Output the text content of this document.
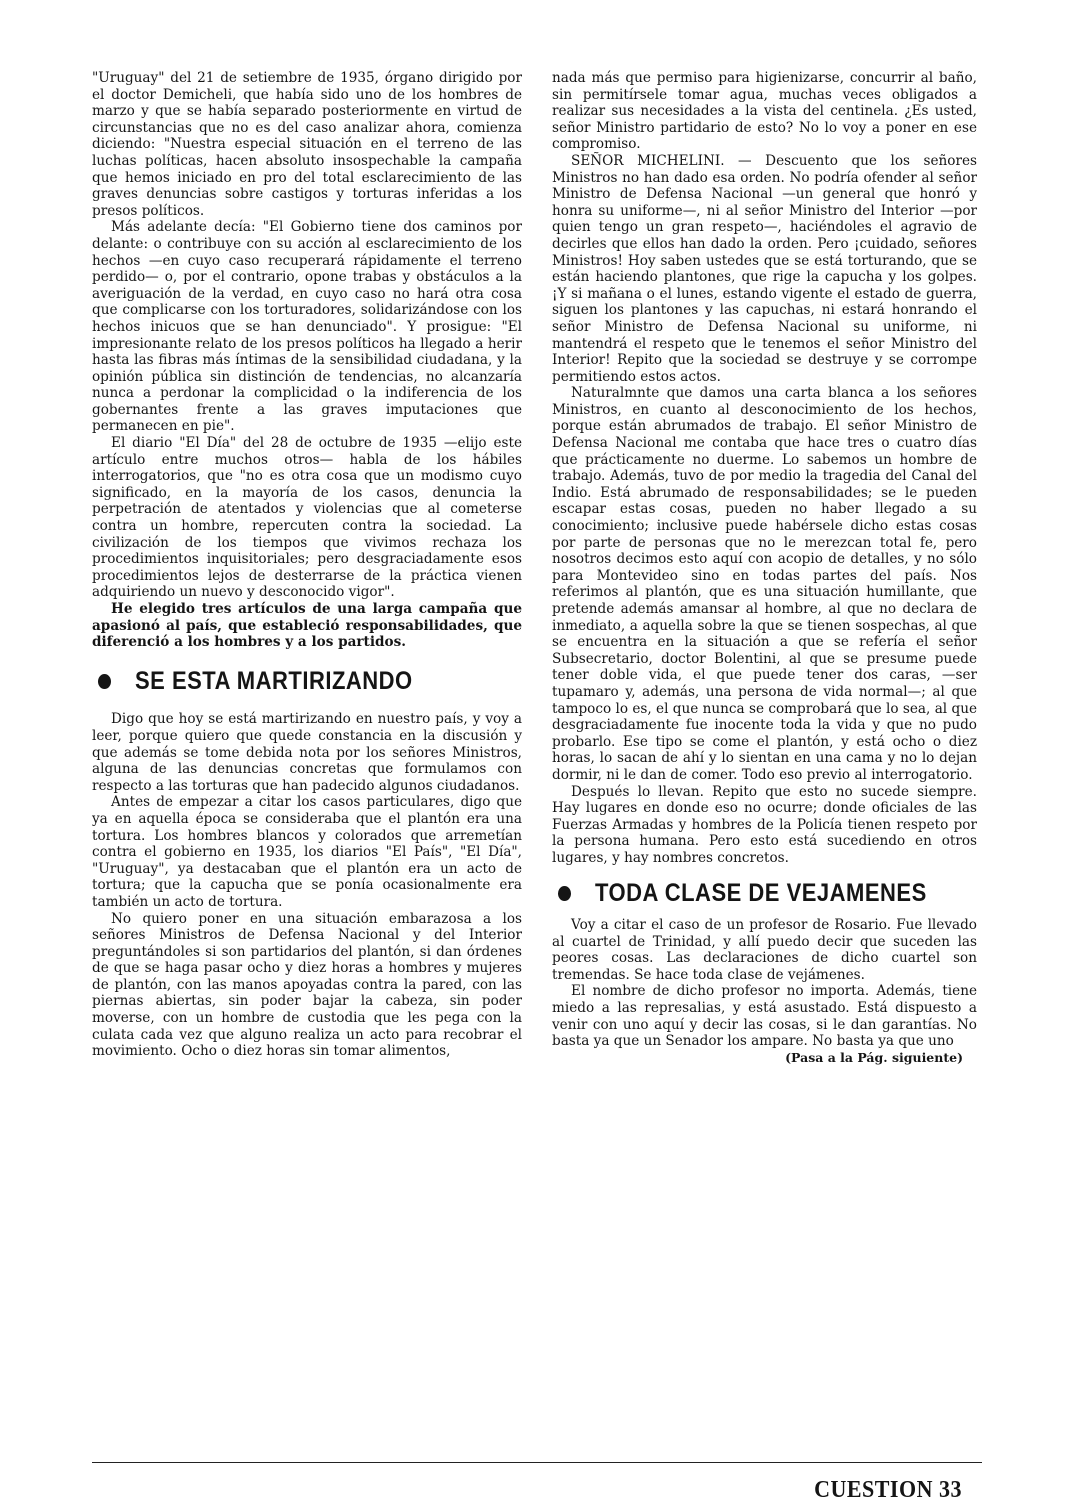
"Uruguay" del 21 de setiembre de 1935, órgano dirigido por el doctor Demicheli, que había sido uno de los hombres de marzo y que se había separado posteriormente en virtud de circunstancias que no es del caso analizar ahora, comienza diciendo: "Nuestra especial situación en el terreno de las luchas políticas, hacen absoluto insospechable la campaña que hemos iniciado en pro del total esclarecimiento de las graves denuncias sobre castigos y torturas inferidas a los presos políticos.

Más adelante decía: "El Gobierno tiene dos caminos por delante: o contribuye con su acción al esclarecimiento de los hechos —en cuyo caso recuperará rápidamente el terreno perdido— o, por el contrario, opone trabas y obstáculos a la averiguación de la verdad, en cuyo caso no hará otra cosa que complicarse con los torturadores, solidarizándose con los hechos inicuos que se han denunciado". Y prosigue: "El impresionante relato de los presos políticos ha llegado a herir hasta las fibras más íntimas de la sensibilidad ciudadana, y la opinión pública sin distinción de tendencias, no alcanzaría nunca a perdonar la complicidad o la indiferencia de los gobernantes frente a las graves imputaciones que permanecen en pie".

El diario "El Día" del 28 de octubre de 1935 —elijo este artículo entre muchos otros— habla de los hábiles interrogatorios, que "no es otra cosa que un modismo cuyo significado, en la mayoría de los casos, denuncia la perpetración de atentados y violencias que al cometerse contra un hombre, repercuten contra la sociedad. La civilización de los tiempos que vivimos rechaza los procedimientos inquisitoriales; pero desgraciadamente esos procedimientos lejos de desterrarse de la práctica vienen adquiriendo un nuevo y desconocido vigor".

He elegido tres artículos de una larga campaña que apasionó al país, que estableció responsabilidades, que diferenció a los hombres y a los partidos.

SE ESTA MARTIRIZANDO

Digo que hoy se está martirizando en nuestro país, y voy a leer, porque quiero que quede constancia en la discusión y que además se tome debida nota por los señores Ministros, alguna de las denuncias concretas que formulamos con respecto a las torturas que han padecido algunos ciudadanos.

Antes de empezar a citar los casos particulares, digo que ya en aquella época se consideraba que el plantón era una tortura. Los hombres blancos y colorados que arremetían contra el gobierno en 1935, los diarios "El País", "El Día", "Uruguay", ya destacaban que el plantón era un acto de tortura; que la capucha que se ponía ocasionalmente era también un acto de tortura.

No quiero poner en una situación embarazosa a los señores Ministros de Defensa Nacional y del Interior preguntándoles si son partidarios del plantón, si dan órdenes de que se haga pasar ocho y diez horas a hombres y mujeres de plantón, con las manos apoyadas contra la pared, con las piernas abiertas, sin poder bajar la cabeza, sin poder moverse, con un hombre de custodia que les pega con la culata cada vez que alguno realiza un acto para recobrar el movimiento. Ocho o diez horas sin tomar alimentos,

nada más que permiso para higienizarse, concurrir al baño, sin permitírsele tomar agua, muchas veces obligados a realizar sus necesidades a la vista del centinela. ¿Es usted, señor Ministro partidario de esto? No lo voy a poner en ese compromiso.

SEÑOR MICHELINI. — Descuento que los señores Ministros no han dado esa orden. No podría ofender al señor Ministro de Defensa Nacional —un general que honró y honra su uniforme—, ni al señor Ministro del Interior —por quien tengo un gran respeto—, haciéndoles el agravio de decirles que ellos han dado la orden. Pero ¡cuidado, señores Ministros! Hoy saben ustedes que se está torturando, que se están haciendo plantones, que rige la capucha y los golpes. ¡Y si mañana o el lunes, estando vigente el estado de guerra, siguen los plantones y las capuchas, ni estará honrando el señor Ministro de Defensa Nacional su uniforme, ni mantendrá el respeto que le tenemos el señor Ministro del Interior! Repito que la sociedad se destruye y se corrompe permitiendo estos actos.

Naturalmnte que damos una carta blanca a los señores Ministros, en cuanto al desconocimiento de los hechos, porque están abrumados de trabajo. El señor Ministro de Defensa Nacional me contaba que hace tres o cuatro días que prácticamente no duerme. Lo sabemos un hombre de trabajo. Además, tuvo de por medio la tragedia del Canal del Indio. Está abrumado de responsabilidades; se le pueden escapar estas cosas, pueden no haber llegado a su conocimiento; inclusive puede habérsele dicho estas cosas por parte de personas que no le merezcan total fe, pero nosotros decimos esto aquí con acopio de detalles, y no sólo para Montevideo sino en todas partes del país. Nos referimos al plantón, que es una situación humillante, que pretende además amansar al hombre, al que no declara de inmediato, a aquella sobre la que se tienen sospechas, al que se encuentra en la situación a que se refería el señor Subsecretario, doctor Bolentini, al que se presume puede tener doble vida, el que puede tener dos caras, —ser tupamaro y, además, una persona de vida normal—; al que tampoco lo es, el que nunca se comprobará que lo sea, al que desgraciadamente fue inocente toda la vida y que no pudo probarlo. Ese tipo se come el plantón, y está ocho o diez horas, lo sacan de ahí y lo sientan en una cama y no lo dejan dormir, ni le dan de comer. Todo eso previo al interrogatorio.

Después lo llevan. Repito que esto no sucede siempre. Hay lugares en donde eso no ocurre; donde oficiales de las Fuerzas Armadas y hombres de la Policía tienen respeto por la persona humana. Pero esto está sucediendo en otros lugares, y hay nombres concretos.

TODA CLASE DE VEJAMENES

Voy a citar el caso de un profesor de Rosario. Fue llevado al cuartel de Trinidad, y allí puedo decir que suceden las peores cosas. Las declaraciones de dicho cuartel son tremendas. Se hace toda clase de vejámenes.

El nombre de dicho profesor no importa. Además, tiene miedo a las represalias, y está asustado. Está dispuesto a venir con uno aquí y decir las cosas, si le dan garantías. No basta ya que un Senador los ampare. No basta ya que uno

(Pasa a la Pág. siguiente)
CUESTION 33
